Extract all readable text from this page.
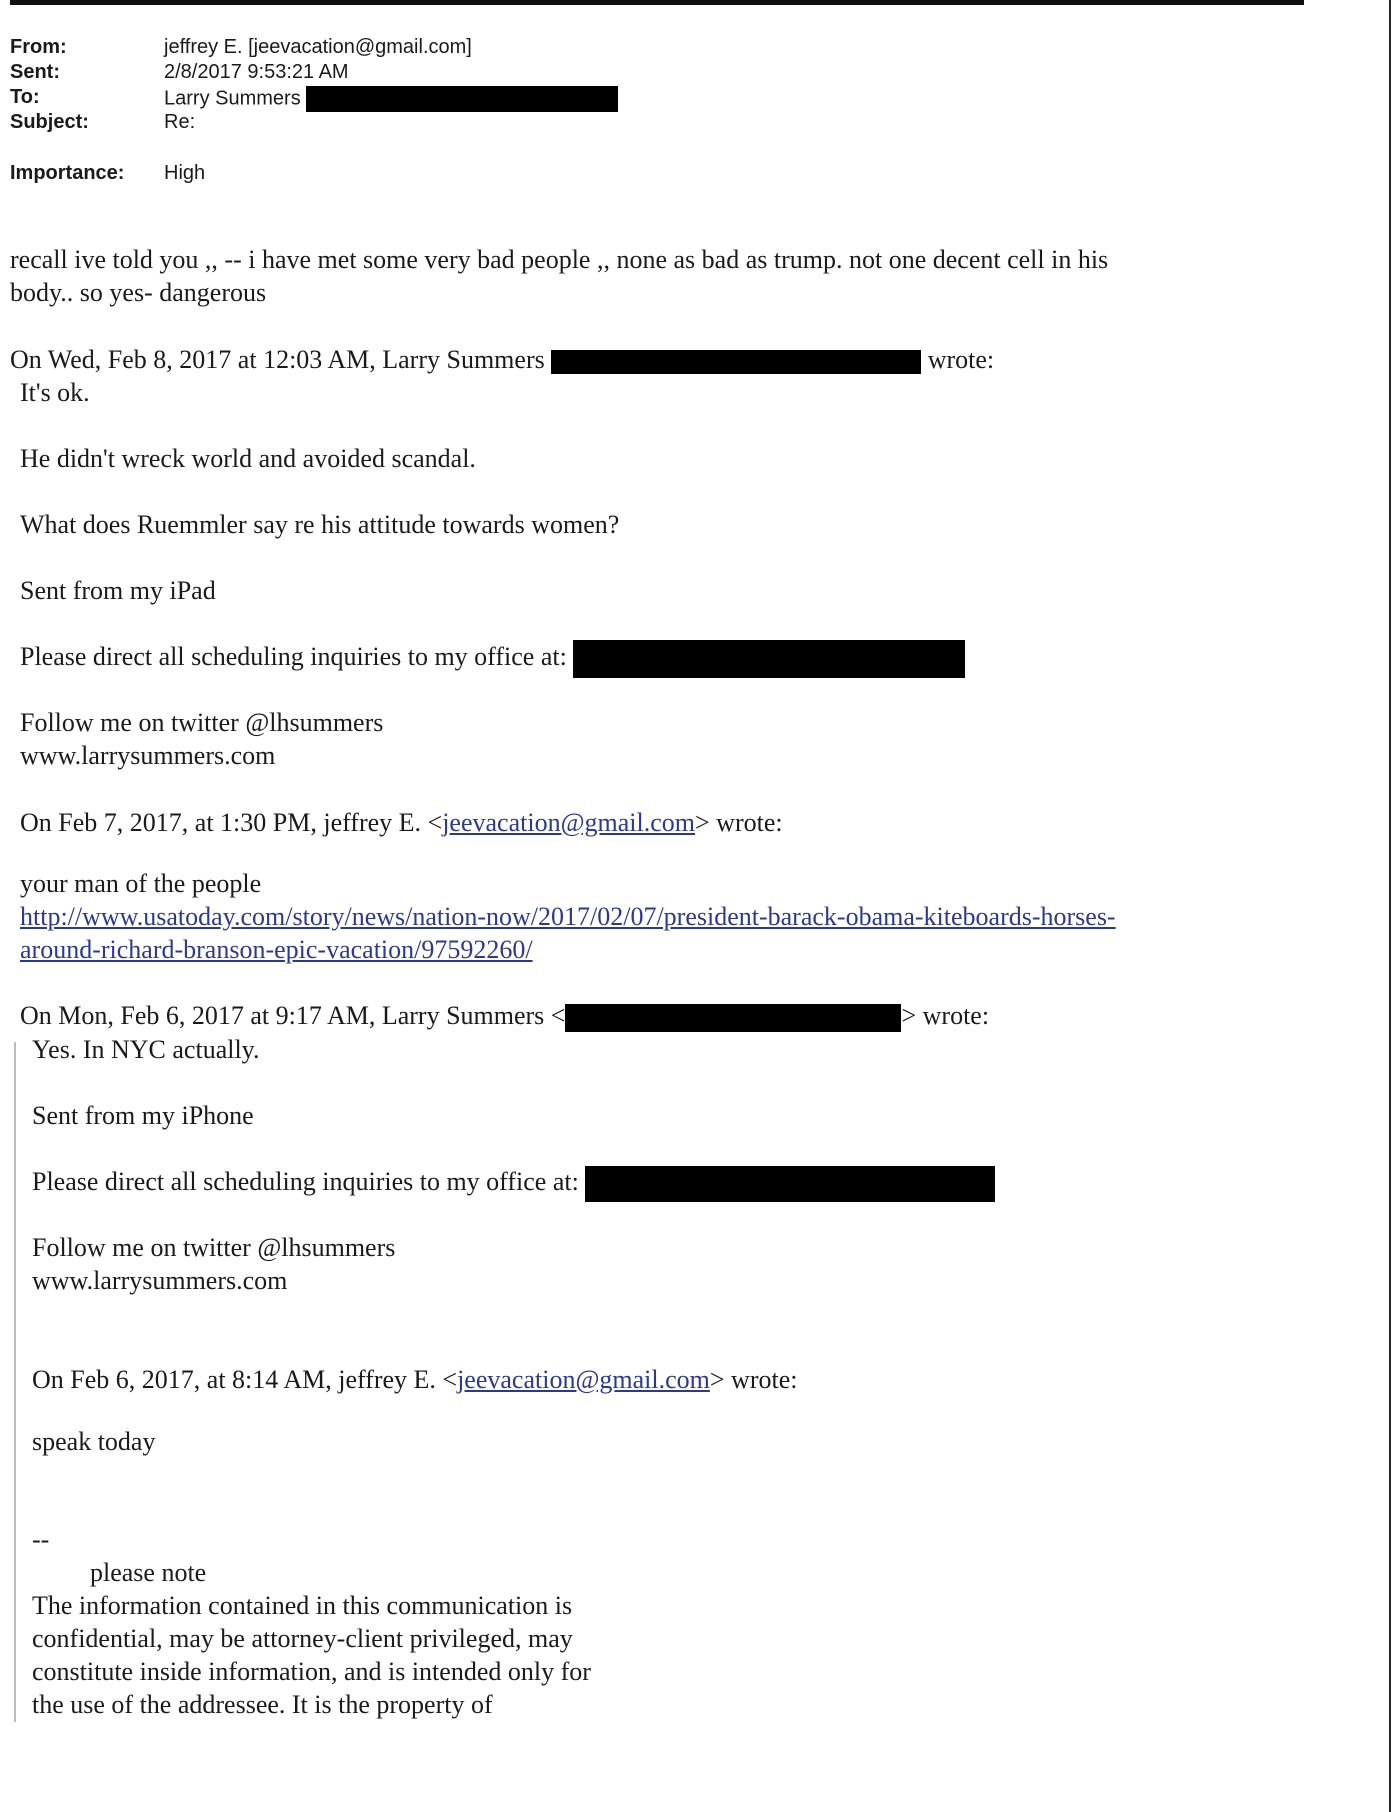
From:	jeffrey E. [jeevacation@gmail.com]
Sent:	2/8/2017 9:53:21 AM
To:	Larry Summers
Subject:	Re:
Importance: High
recall ive told you ,, -- i have met some very bad people ,, none as bad as trump. not one decent cell in his
body.. so yes- dangerous
On Wed, Feb 8, 2017 at 12:03 AM, Larry Summers	wrote:
It's ok.
He didn't wreck world and avoided scandal.
What does Ruemmler say re his attitude towards women?
Sent from my iPad
Please direct all scheduling inquiries to my office at:
Follow me on twitter @lhsummers
www.larrysummers.com
On Feb 7, 2017, at 1:30 PM, jeffrey E. <jeevacation@gmail.com> wrote:
your man of the people
http://www.usatoday.com/story/news/nation-now/2017/02/07/president-barack-obama-kiteboards-horses-
around-richard-branson-epic-vacation/97592260/
On Mon, Feb 6, 2017 at 9:17 AM, Larry Summers <	> wrote:
Yes. In NYC actually.
Sent from my iPhone
Please direct all scheduling inquiries to my office at:
Follow me on twitter @lhsummers
www.larrysummers.com
On Feb 6, 2017, at 8:14 AM, jeffrey E. <jeevacation@gmail.com> wrote:
speak today
--
please note
The information contained in this communication is
confidential, may be attorney-client privileged, may
constitute inside information, and is intended only for
the use of the addressee. It is the property of
